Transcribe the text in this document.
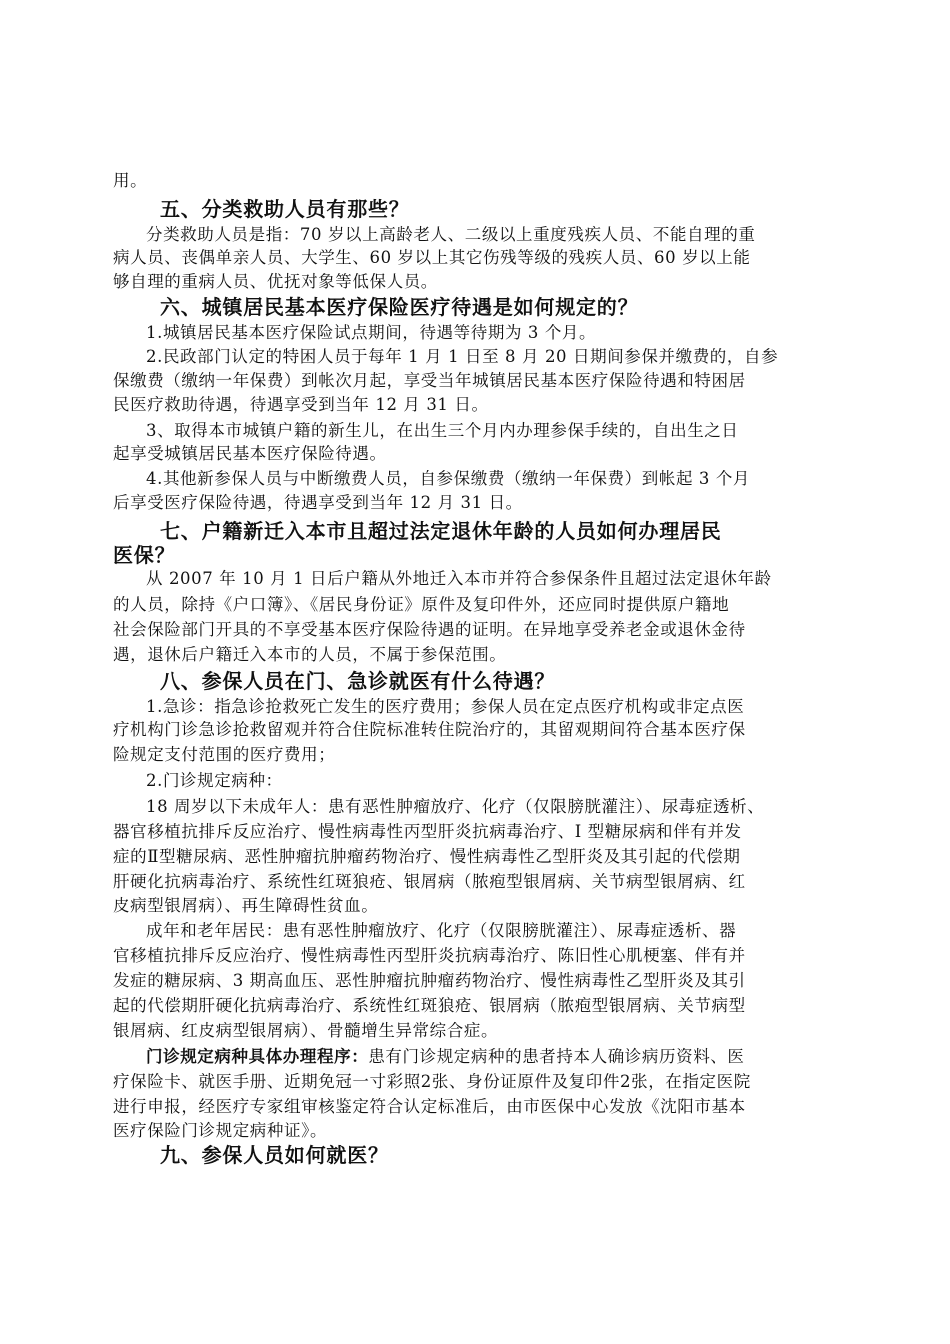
用。
五、分类救助人员有那些？
分类救助人员是指：70 岁以上高龄老人、二级以上重度残疾人员、不能自理的重
病人员、丧偶单亲人员、大学生、60 岁以上其它伤残等级的残疾人员、60 岁以上能
够自理的重病人员、优抚对象等低保人员。
六、城镇居民基本医疗保险医疗待遇是如何规定的？
1.城镇居民基本医疗保险试点期间，待遇等待期为 3 个月。
2.民政部门认定的特困人员于每年 1 月 1 日至 8 月 20 日期间参保并缴费的，自参
保缴费（缴纳一年保费）到帐次月起，享受当年城镇居民基本医疗保险待遇和特困居
民医疗救助待遇，待遇享受到当年 12 月 31 日。
3、取得本市城镇户籍的新生儿，在出生三个月内办理参保手续的，自出生之日
起享受城镇居民基本医疗保险待遇。
4.其他新参保人员与中断缴费人员，自参保缴费（缴纳一年保费）到帐起 3 个月
后享受医疗保险待遇，待遇享受到当年 12 月 31 日。
七、户籍新迁入本市且超过法定退休年龄的人员如何办理居民
医保？
从 2007 年 10 月 1 日后户籍从外地迁入本市并符合参保条件且超过法定退休年龄
的人员，除持《户口簿》、《居民身份证》原件及复印件外，还应同时提供原户籍地
社会保险部门开具的不享受基本医疗保险待遇的证明。在异地享受养老金或退休金待
遇，退休后户籍迁入本市的人员，不属于参保范围。
八、参保人员在门、急诊就医有什么待遇？
1.急诊：指急诊抢救死亡发生的医疗费用；参保人员在定点医疗机构或非定点医
疗机构门诊急诊抢救留观并符合住院标准转住院治疗的，其留观期间符合基本医疗保
险规定支付范围的医疗费用；
2.门诊规定病种：
18 周岁以下未成年人：患有恶性肿瘤放疗、化疗（仅限膀胱灌注）、尿毒症透析、
器官移植抗排斥反应治疗、慢性病毒性丙型肝炎抗病毒治疗、I 型糖尿病和伴有并发
症的Ⅱ型糖尿病、恶性肿瘤抗肿瘤药物治疗、慢性病毒性乙型肝炎及其引起的代偿期
肝硬化抗病毒治疗、系统性红斑狼疮、银屑病（脓疱型银屑病、关节病型银屑病、红
皮病型银屑病）、再生障碍性贫血。
成年和老年居民：患有恶性肿瘤放疗、化疗（仅限膀胱灌注）、尿毒症透析、器
官移植抗排斥反应治疗、慢性病毒性丙型肝炎抗病毒治疗、陈旧性心肌梗塞、伴有并
发症的糖尿病、3 期高血压、恶性肿瘤抗肿瘤药物治疗、慢性病毒性乙型肝炎及其引
起的代偿期肝硬化抗病毒治疗、系统性红斑狼疮、银屑病（脓疱型银屑病、关节病型
银屑病、红皮病型银屑病）、骨髓增生异常综合症。
门诊规定病种具体办理程序：患有门诊规定病种的患者持本人确诊病历资料、医
疗保险卡、就医手册、近期免冠一寸彩照2张、身份证原件及复印件2张，在指定医院
进行申报，经医疗专家组审核鉴定符合认定标准后，由市医保中心发放《沈阳市基本
医疗保险门诊规定病种证》。
九、参保人员如何就医？
